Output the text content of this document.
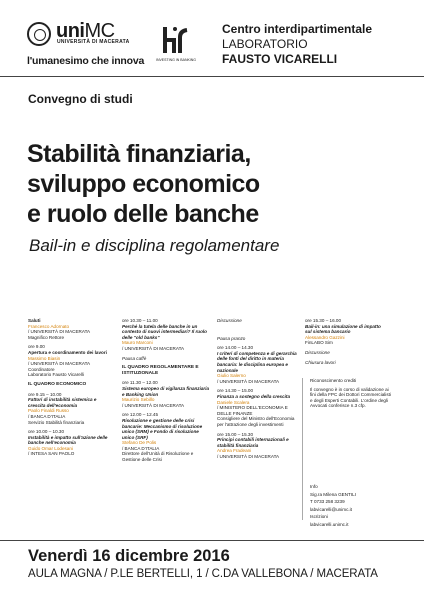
uniMC
UNIVERSITÀ DI MACERATA
l'umanesimo che innova	INVESTING IN BANKING
Centro interdipartimentale
LABORATORIO
FAUSTO VICARELLI
Convegno di studi
Stabilità finanziaria,
sviluppo economico
e ruolo delle banche
Bail-in e disciplina regolamentare

Saluti
Francesco Adornato
/ UNIVERSITÀ DI MACERATA
Magnifico Rettore

ore 9.00
Apertura e coordinamento dei lavori
Massimo Biasin
/ UNIVERSITÀ DI MACERATA
Coordinatore
Laboratorio Fausto Vicarelli

IL QUADRO ECONOMICO

ore 9.15 – 10.00
Fattori di instabilità sistemica e crescita dell'economia
Paolo Finaldi Russo
/ BANCA D'ITALIA
Servizio Stabilità finanziaria

ore 10.00 – 10.30
Instabilità e impatto sull'azione delle banche nell'economia
Guido Omar Lodesani
/ INTESA SAN PAOLO

ore 10.30 – 11.00
Perché la tutela delle banche in un contesto di nuovi intermediari? Il ruolo delle "old banks"
Mauro Marconi
/ UNIVERSITÀ DI MACERATA

Pausa caffè

IL QUADRO REGOLAMENTARE E ISTITUZIONALE

ore 11.30 – 12.00
Sistema europeo di vigilanza finanziaria e Banking Union
Maurizio Sebillo
/ UNIVERSITÀ DI MACERATA

ore 12.00 – 12.45
Risoluzione e gestione delle crisi bancarie: Meccanismo di risoluzione unico (SRM) e Fondo di risoluzione unico (SRF)
Stefano De Polis
/ BANCA D'ITALIA
Direttore dell'Unità di Risoluzione e Gestione delle Crisi

Discussione

Pausa pranzo

ore 14.00 – 14.30
I criteri di competenza e di gerarchia delle fonti del diritto in materia bancaria: le disciplina europea e nazionale
Giulio Salerno
/ UNIVERSITÀ DI MACERATA

ore 14.30 – 15.00
Finanza a sostegno della crescita
Daniele Scalera
/ MINISTERO DELL'ECONOMIA E DELLE FINANZE
Consigliere del Ministro dell'Economia per l'attrazione degli investimenti

ore 15.00 – 15.30
Principi contabili internazionali e stabilità finanziaria
Andrea Fradeani
/ UNIVERSITÀ DI MACERATA

ore 15.30 – 16.00
Bail-in: una simulazione di impatto sul sistema bancario
Alessandro Gazzini
FinLABO Sim

Discussione

Chiusura lavori

Riconoscimento crediti

Il convegno è in corso di validazione ai fini della FPC dei Dottori Commercialisti e degli Esperti Contabili. L'ordine degli Avvocati conferisce n.3 cfp.

Info

Sig.ra Milena GENTILI

T 0733 258 3239

labvicarelli@unimc.it

Iscrizioni

labvicarelli.unimc.it

Venerdì 16 dicembre 2016
AULA MAGNA / P.LE BERTELLI, 1 / C.DA VALLEBONA / MACERATA
